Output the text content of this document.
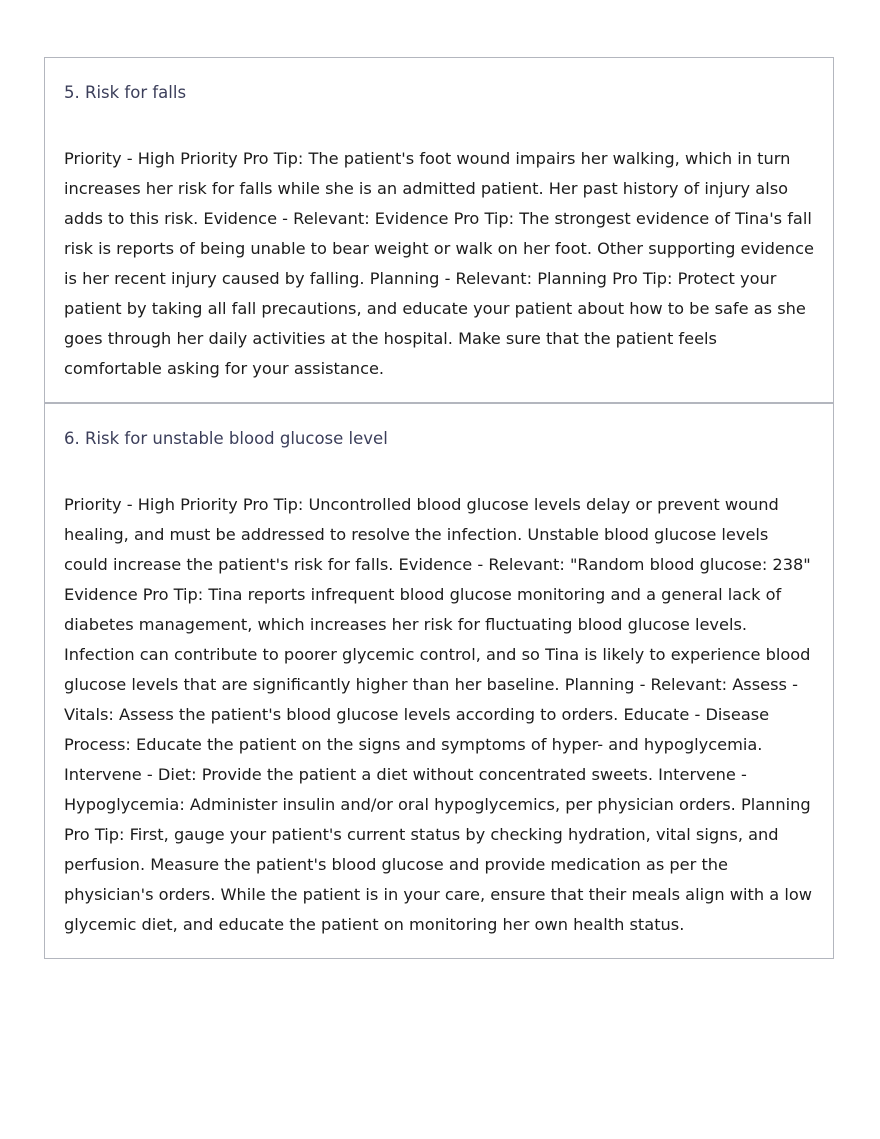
5. Risk for falls

Priority - High Priority Pro Tip: The patient's foot wound impairs her walking, which in turn increases her risk for falls while she is an admitted patient. Her past history of injury also adds to this risk. Evidence - Relevant: Evidence Pro Tip: The strongest evidence of Tina's fall risk is reports of being unable to bear weight or walk on her foot. Other supporting evidence is her recent injury caused by falling. Planning - Relevant: Planning Pro Tip: Protect your patient by taking all fall precautions, and educate your patient about how to be safe as she goes through her daily activities at the hospital. Make sure that the patient feels comfortable asking for your assistance.

6. Risk for unstable blood glucose level

Priority - High Priority Pro Tip: Uncontrolled blood glucose levels delay or prevent wound healing, and must be addressed to resolve the infection. Unstable blood glucose levels could increase the patient's risk for falls. Evidence - Relevant: "Random blood glucose: 238" Evidence Pro Tip: Tina reports infrequent blood glucose monitoring and a general lack of diabetes management, which increases her risk for fluctuating blood glucose levels. Infection can contribute to poorer glycemic control, and so Tina is likely to experience blood glucose levels that are significantly higher than her baseline. Planning - Relevant: Assess - Vitals: Assess the patient's blood glucose levels according to orders. Educate - Disease Process: Educate the patient on the signs and symptoms of hyper- and hypoglycemia. Intervene - Diet: Provide the patient a diet without concentrated sweets. Intervene - Hypoglycemia: Administer insulin and/or oral hypoglycemics, per physician orders. Planning Pro Tip: First, gauge your patient's current status by checking hydration, vital signs, and perfusion. Measure the patient's blood glucose and provide medication as per the physician's orders. While the patient is in your care, ensure that their meals align with a low glycemic diet, and educate the patient on monitoring her own health status.
